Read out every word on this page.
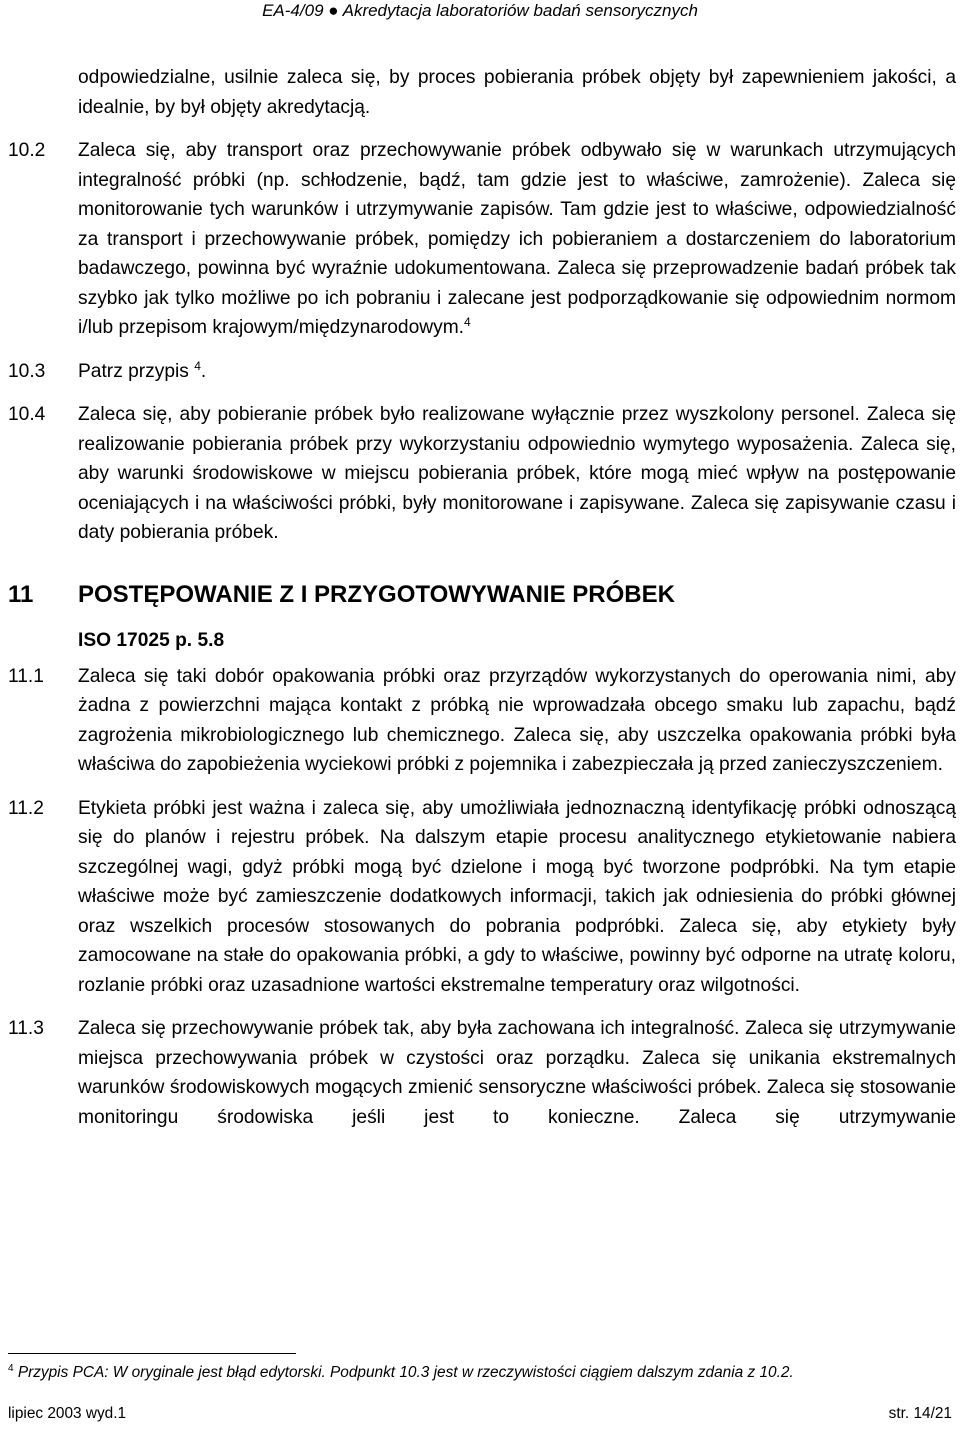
EA-4/09 ● Akredytacja laboratoriów badań sensorycznych
odpowiedzialne, usilnie zaleca się, by proces pobierania próbek objęty był zapewnieniem jakości, a idealnie, by był objęty akredytacją.
10.2	Zaleca się, aby transport oraz przechowywanie próbek odbywało się w warunkach utrzymujących integralność próbki (np. schłodzenie, bądź, tam gdzie jest to właściwe, zamrożenie). Zaleca się monitorowanie tych warunków i utrzymywanie zapisów. Tam gdzie jest to właściwe, odpowiedzialność za transport i przechowywanie próbek, pomiędzy ich pobieraniem a dostarczeniem do laboratorium badawczego, powinna być wyraźnie udokumentowana. Zaleca się przeprowadzenie badań próbek tak szybko jak tylko możliwe po ich pobraniu i zalecane jest podporządkowanie się odpowiednim normom i/lub przepisom krajowym/międzynarodowym.$^4$
10.3	Patrz przypis $^4$.
10.4	Zaleca się, aby pobieranie próbek było realizowane wyłącznie przez wyszkolony personel. Zaleca się realizowanie pobierania próbek przy wykorzystaniu odpowiednio wymytego wyposażenia. Zaleca się, aby warunki środowiskowe w miejscu pobierania próbek, które mogą mieć wpływ na postępowanie oceniających i na właściwości próbki, były monitorowane i zapisywane. Zaleca się zapisywanie czasu i daty pobierania próbek.
11	POSTĘPOWANIE Z I PRZYGOTOWYWANIE PRÓBEK
ISO 17025 p. 5.8
11.1	Zaleca się taki dobór opakowania próbki oraz przyrządów wykorzystanych do operowania nimi, aby żadna z powierzchni mająca kontakt z próbką nie wprowadzała obcego smaku lub zapachu, bądź zagrożenia mikrobiologicznego lub chemicznego. Zaleca się, aby uszczelka opakowania próbki była właściwa do zapobieżenia wyciekowi próbki z pojemnika i zabezpieczała ją przed zanieczyszczeniem.
11.2	Etykieta próbki jest ważna i zaleca się, aby umożliwiała jednoznaczną identyfikację próbki odnoszącą się do planów i rejestru próbek. Na dalszym etapie procesu analitycznego etykietowanie nabiera szczególnej wagi, gdyż próbki mogą być dzielone i mogą być tworzone podpróbki. Na tym etapie właściwe może być zamieszczenie dodatkowych informacji, takich jak odniesienia do próbki głównej oraz wszelkich procesów stosowanych do pobrania podpróbki. Zaleca się, aby etykiety były zamocowane na stałe do opakowania próbki, a gdy to właściwe, powinny być odporne na utratę koloru, rozlanie próbki oraz uzasadnione wartości ekstremalne temperatury oraz wilgotności.
11.3	Zaleca się przechowywanie próbek tak, aby była zachowana ich integralność. Zaleca się utrzymywanie miejsca przechowywania próbek w czystości oraz porządku. Zaleca się unikania ekstremalnych warunków środowiskowych mogących zmienić sensoryczne właściwości próbek. Zaleca się stosowanie monitoringu środowiska jeśli jest to konieczne. Zaleca się utrzymywanie
$^4$ Przypis PCA: W oryginale jest błąd edytorski. Podpunkt 10.3 jest w rzeczywistości ciągiem dalszym zdania z 10.2.
lipiec 2003 wyd.1	str. 14/21
